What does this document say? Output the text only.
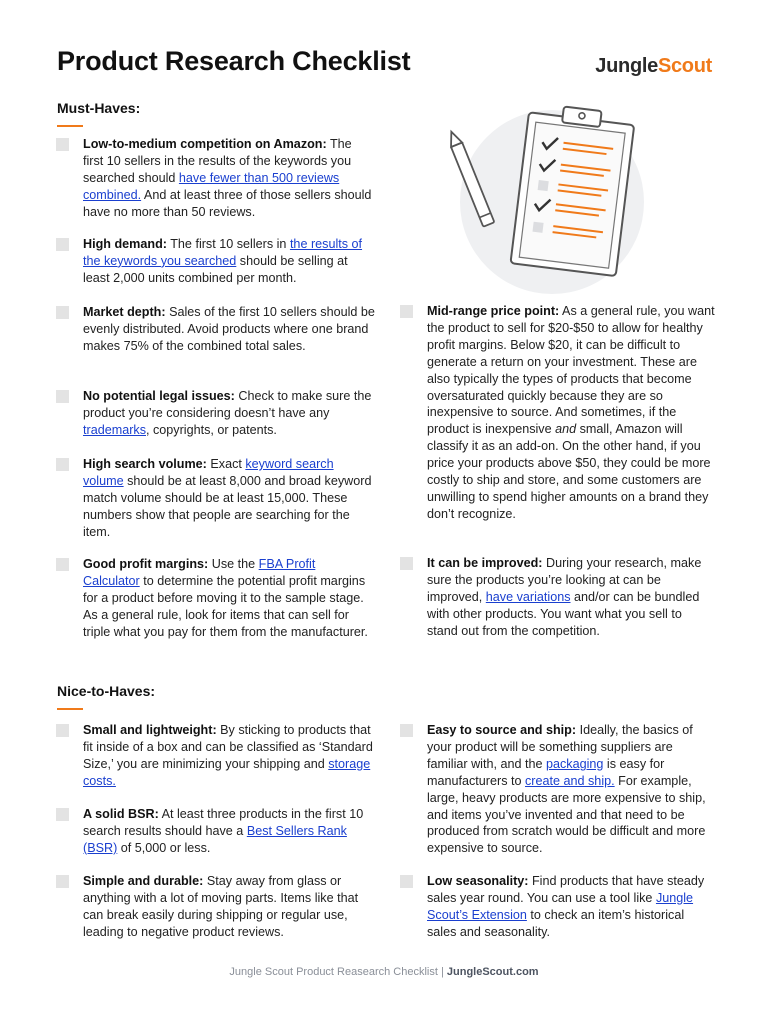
Product Research Checklist	JungleScout
Must-Haves:
Low-to-medium competition on Amazon: The first 10 sellers in the results of the keywords you searched should have fewer than 500 reviews combined. And at least three of those sellers should have no more than 50 reviews.
High demand: The first 10 sellers in the results of the keywords you searched should be selling at least 2,000 units combined per month.
Market depth: Sales of the first 10 sellers should be evenly distributed. Avoid products where one brand makes 75% of the combined total sales.
No potential legal issues: Check to make sure the product you’re considering doesn’t have any trademarks, copyrights, or patents.
High search volume: Exact keyword search volume should be at least 8,000 and broad keyword match volume should be at least 15,000. These numbers show that people are searching for the item.
Good profit margins: Use the FBA Profit Calculator to determine the potential profit margins for a product before moving it to the sample stage. As a general rule, look for items that can sell for triple what you pay for them from the manufacturer.
Mid-range price point: As a general rule, you want the product to sell for $20-$50 to allow for healthy profit margins. Below $20, it can be difficult to generate a return on your investment. These are also typically the types of products that become oversaturated quickly because they are so inexpensive to source. And sometimes, if the product is inexpensive and small, Amazon will classify it as an add-on. On the other hand, if you price your products above $50, they could be more costly to ship and store, and some customers are unwilling to spend higher amounts on a brand they don’t recognize.
It can be improved: During your research, make sure the products you’re looking at can be improved, have variations and/or can be bundled with other products. You want what you sell to stand out from the competition.
Nice-to-Haves:
Small and lightweight: By sticking to products that fit inside of a box and can be classified as ‘Standard Size,’ you are minimizing your shipping and storage costs.
A solid BSR: At least three products in the first 10 search results should have a Best Sellers Rank (BSR) of 5,000 or less.
Simple and durable: Stay away from glass or anything with a lot of moving parts. Items like that can break easily during shipping or regular use, leading to negative product reviews.
Easy to source and ship: Ideally, the basics of your product will be something suppliers are familiar with, and the packaging is easy for manufacturers to create and ship. For example, large, heavy products are more expensive to ship, and items you’ve invented and that need to be produced from scratch would be difficult and more expensive to source.
Low seasonality: Find products that have steady sales year round. You can use a tool like Jungle Scout’s Extension to check an item’s historical sales and seasonality.
Jungle Scout Product Reasearch Checklist | JungleScout.com
